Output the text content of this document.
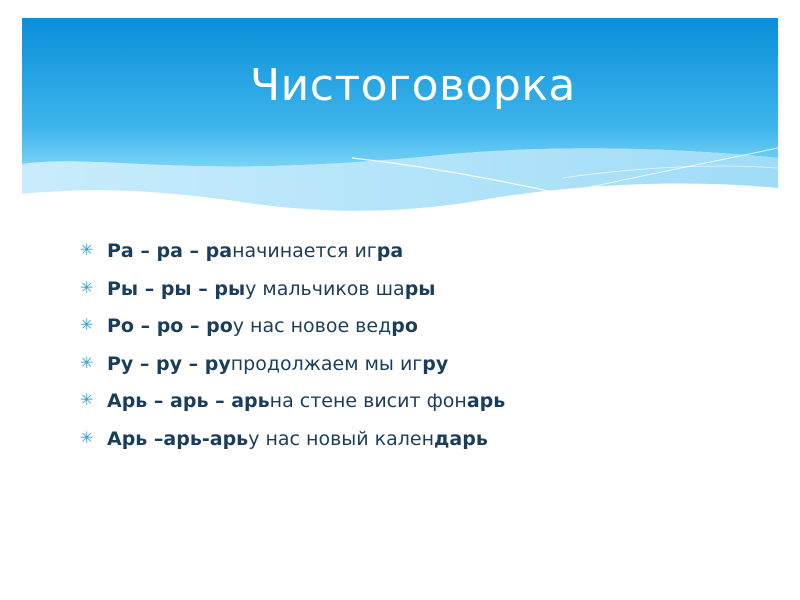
Чистоговорка
✳ Ра – ра – ра начинается иг ра
✳ Ры – ры – ры у мальчиков ша ры
✳ Ро – ро – ро у нас новое вед ро
✳ Ру – ру – ру продолжаем мы иг ру
✳ Арь – арь – арь на стене висит фон арь
✳ Арь –арь-арь у нас новый кален дарь
